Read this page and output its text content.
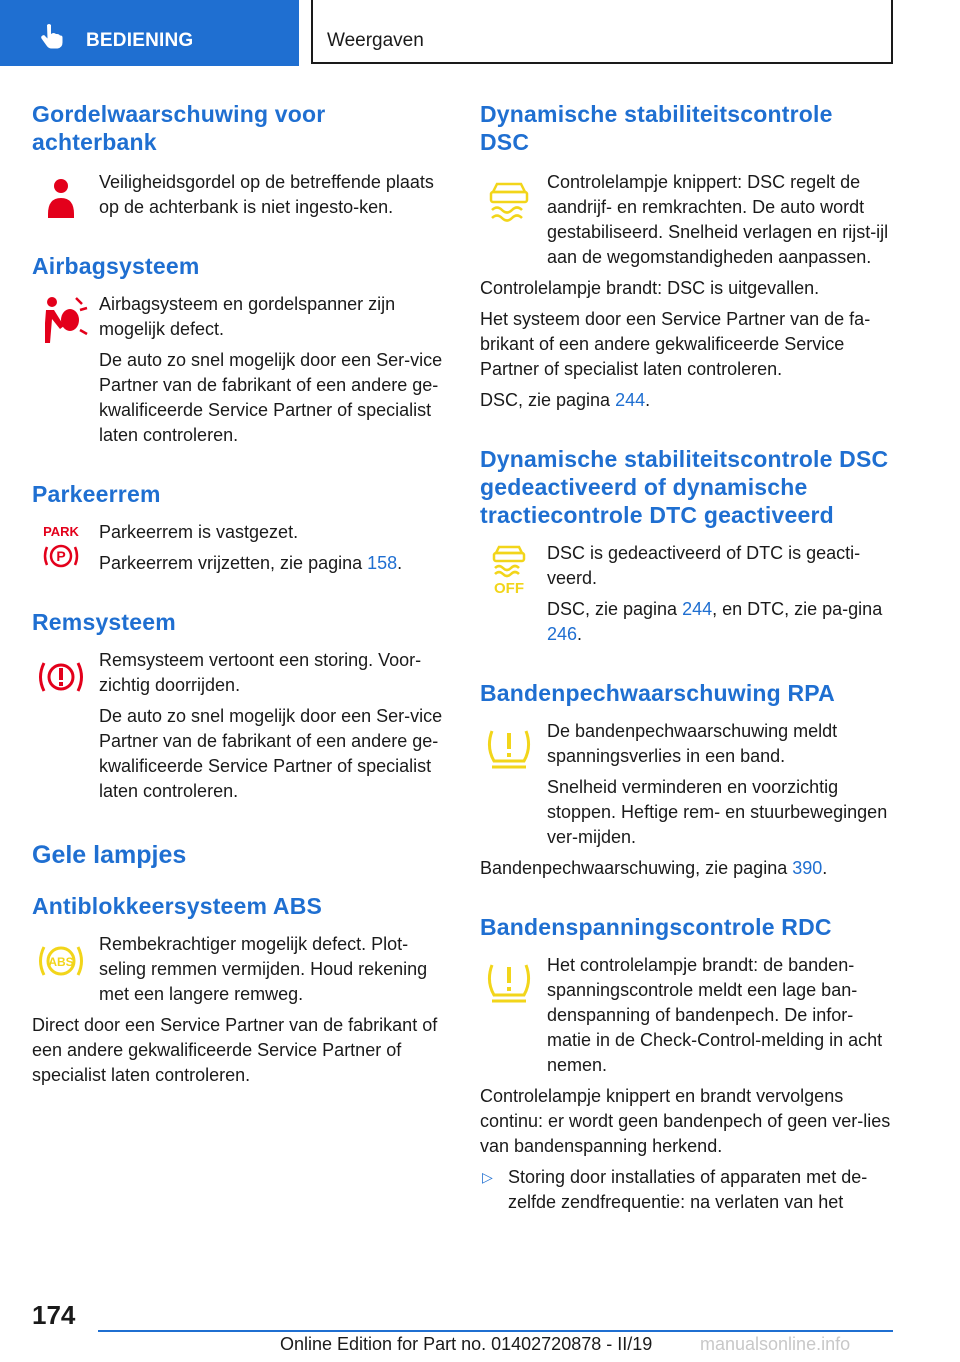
BEDIENING	Weergaven
Gordelwaarschuwing voor achterbank

Veiligheidsgordel op de betreffende plaats op de achterbank is niet ingesto-ken.

Airbagsysteem

Airbagsysteem en gordelspanner zijn mogelijk defect.

De auto zo snel mogelijk door een Ser-vice Partner van de fabrikant of een andere ge-kwalificeerde Service Partner of specialist laten controleren.

Parkeerrem
PARK
P

Parkeerrem is vastgezet.

Parkeerrem vrijzetten, zie pagina 158.

Remsysteem

Remsysteem vertoont een storing. Voor-zichtig doorrijden.

De auto zo snel mogelijk door een Ser-vice Partner van de fabrikant of een andere ge-kwalificeerde Service Partner of specialist laten controleren.

Gele lampjes
Antiblokkeersysteem ABS
ABS

Rembekrachtiger mogelijk defect. Plot-seling remmen vermijden. Houd rekening met een langere remweg.

Direct door een Service Partner van de fabrikant of een andere gekwalificeerde Service Partner of specialist laten controleren.

Dynamische stabiliteitscontrole DSC

Controlelampje knippert: DSC regelt de aandrijf- en remkrachten. De auto wordt gestabiliseerd. Snelheid verlagen en rijst-ijl aan de wegomstandigheden aanpassen.

Controlelampje brandt: DSC is uitgevallen.

Het systeem door een Service Partner van de fa-brikant of een andere gekwalificeerde Service Partner of specialist laten controleren.

DSC, zie pagina 244.

Dynamische stabiliteitscontrole DSC gedeactiveerd of dynamische tractiecontrole DTC geactiveerd
OFF

DSC is gedeactiveerd of DTC is geacti-veerd.

DSC, zie pagina 244, en DTC, zie pa-gina 246.

Bandenpechwaarschuwing RPA

De bandenpechwaarschuwing meldt spanningsverlies in een band.

Snelheid verminderen en voorzichtig stoppen. Heftige rem- en stuurbewegingen ver-mijden.

Bandenpechwaarschuwing, zie pagina 390.

Bandenspanningscontrole RDC

Het controlelampje brandt: de banden-spanningscontrole meldt een lage ban-denspanning of bandenpech. De infor-matie in de Check-Control-melding in acht nemen.

Controlelampje knippert en brandt vervolgens continu: er wordt geen bandenpech of geen ver-lies van bandenspanning herkend.

▷ Storing door installaties of apparaten met de-zelfde zendfrequentie: na verlaten van het

174
Online Edition for Part no. 01402720878 - II/19	manualsonline.info
